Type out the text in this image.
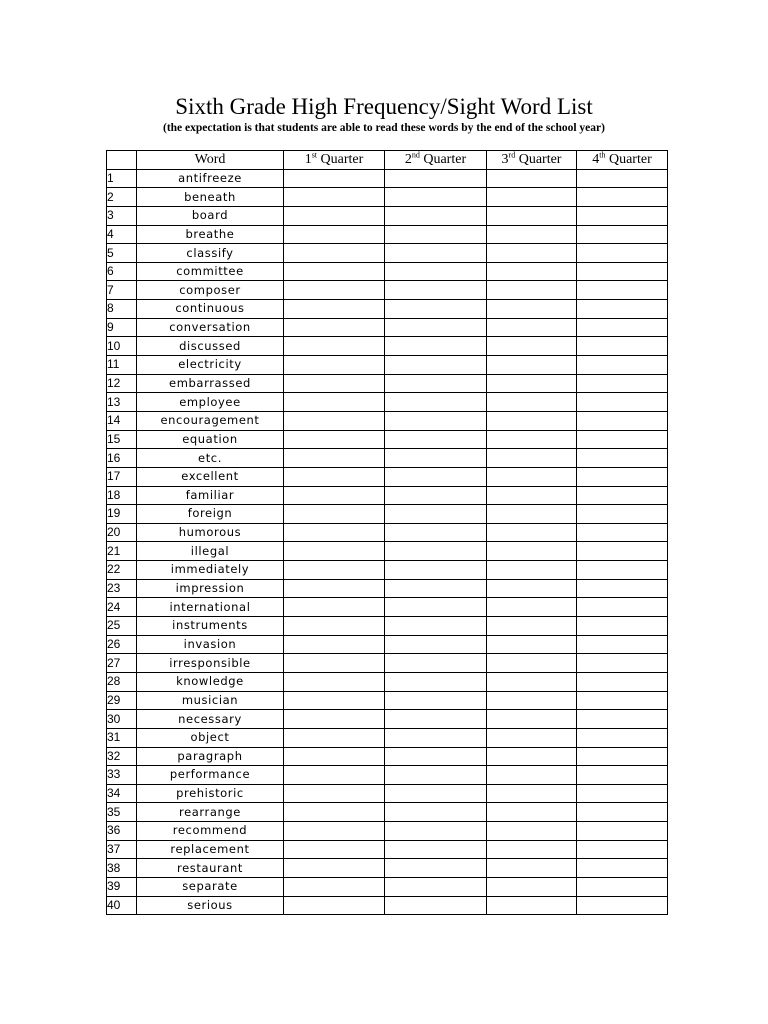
Sixth Grade High Frequency/Sight Word List
(the expectation is that students are able to read these words by the end of the school year)
	Word	1st Quarter	2nd Quarter	3rd Quarter	4th Quarter
1	antifreeze				
2	beneath				
3	board				
4	breathe				
5	classify				
6	committee				
7	composer				
8	continuous				
9	conversation				
10	discussed				
11	electricity				
12	embarrassed				
13	employee				
14	encouragement				
15	equation				
16	etc.				
17	excellent				
18	familiar				
19	foreign				
20	humorous				
21	illegal				
22	immediately				
23	impression				
24	international				
25	instruments				
26	invasion				
27	irresponsible				
28	knowledge				
29	musician				
30	necessary				
31	object				
32	paragraph				
33	performance				
34	prehistoric				
35	rearrange				
36	recommend				
37	replacement				
38	restaurant				
39	separate				
40	serious				
